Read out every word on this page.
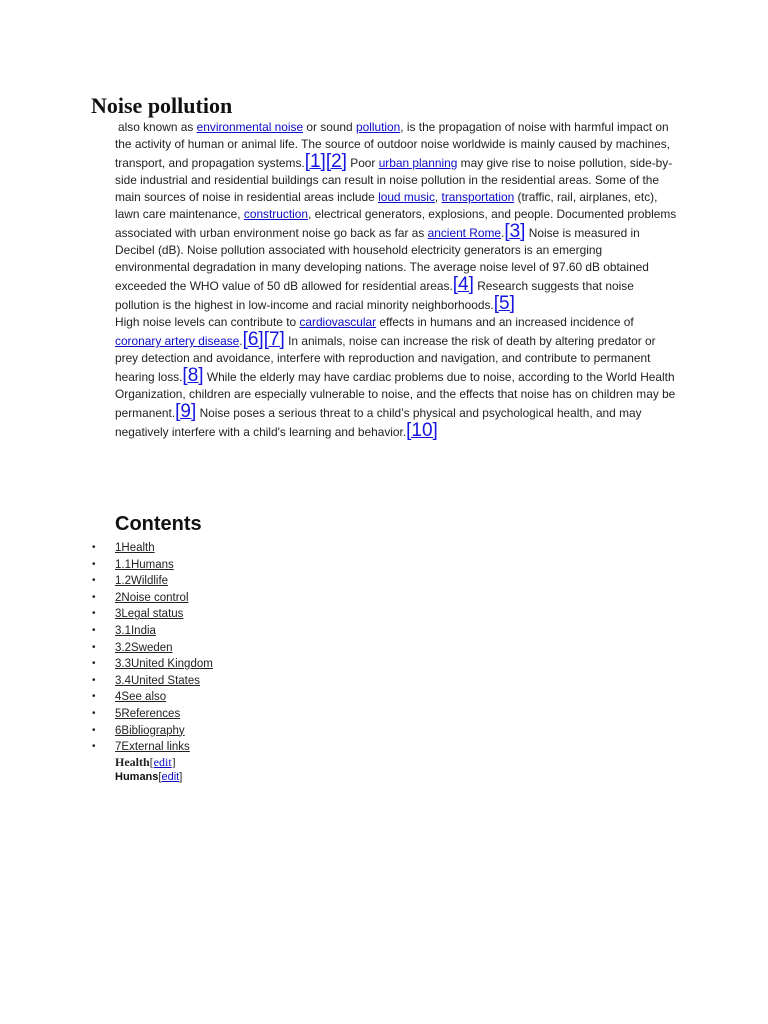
Noise pollution

also known as environmental noise or sound pollution, is the propagation of noise with harmful impact on the activity of human or animal life. The source of outdoor noise worldwide is mainly caused by machines, transport, and propagation systems.[1][2] Poor urban planning may give rise to noise pollution, side-by-side industrial and residential buildings can result in noise pollution in the residential areas. Some of the main sources of noise in residential areas include loud music, transportation (traffic, rail, airplanes, etc), lawn care maintenance, construction, electrical generators, explosions, and people. Documented problems associated with urban environment noise go back as far as ancient Rome.[3] Noise is measured in Decibel (dB). Noise pollution associated with household electricity generators is an emerging environmental degradation in many developing nations. The average noise level of 97.60 dB obtained exceeded the WHO value of 50 dB allowed for residential areas.[4] Research suggests that noise pollution is the highest in low-income and racial minority neighborhoods.[5]
High noise levels can contribute to cardiovascular effects in humans and an increased incidence of coronary artery disease.[6][7] In animals, noise can increase the risk of death by altering predator or prey detection and avoidance, interfere with reproduction and navigation, and contribute to permanent hearing loss.[8] While the elderly may have cardiac problems due to noise, according to the World Health Organization, children are especially vulnerable to noise, and the effects that noise has on children may be permanent.[9] Noise poses a serious threat to a child’s physical and psychological health, and may negatively interfere with a child's learning and behavior.[10]

Contents
• 1Health
• 1.1Humans
• 1.2Wildlife
• 2Noise control
• 3Legal status
• 3.1India
• 3.2Sweden
• 3.3United Kingdom
• 3.4United States
• 4See also
• 5References
• 6Bibliography
• 7External links
Health[edit]
Humans[edit]
